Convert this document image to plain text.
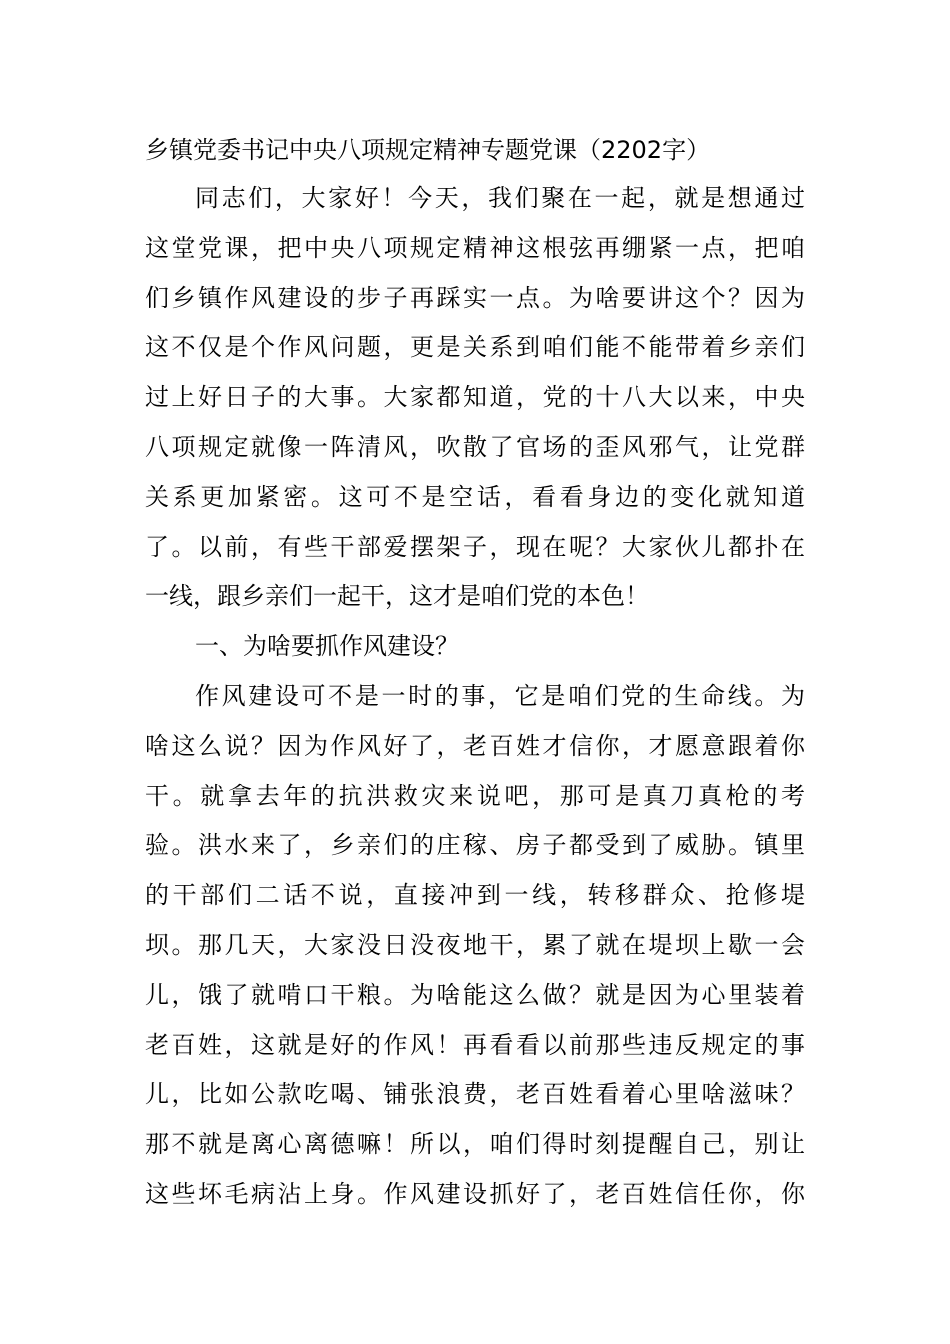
乡镇党委书记中央八项规定精神专题党课（2202字）
同志们，大家好！今天，我们聚在一起，就是想通过
这堂党课，把中央八项规定精神这根弦再绷紧一点，把咱
们乡镇作风建设的步子再踩实一点。为啥要讲这个？因为
这不仅是个作风问题，更是关系到咱们能不能带着乡亲们
过上好日子的大事。大家都知道，党的十八大以来，中央
八项规定就像一阵清风，吹散了官场的歪风邪气，让党群
关系更加紧密。这可不是空话，看看身边的变化就知道
了。以前，有些干部爱摆架子，现在呢？大家伙儿都扑在
一线，跟乡亲们一起干，这才是咱们党的本色！
一、为啥要抓作风建设？
作风建设可不是一时的事，它是咱们党的生命线。为
啥这么说？因为作风好了，老百姓才信你，才愿意跟着你
干。就拿去年的抗洪救灾来说吧，那可是真刀真枪的考
验。洪水来了，乡亲们的庄稼、房子都受到了威胁。镇里
的干部们二话不说，直接冲到一线，转移群众、抢修堤
坝。那几天，大家没日没夜地干，累了就在堤坝上歇一会
儿，饿了就啃口干粮。为啥能这么做？就是因为心里装着
老百姓，这就是好的作风！再看看以前那些违反规定的事
儿，比如公款吃喝、铺张浪费，老百姓看着心里啥滋味？
那不就是离心离德嘛！所以，咱们得时刻提醒自己，别让
这些坏毛病沾上身。作风建设抓好了，老百姓信任你，你
